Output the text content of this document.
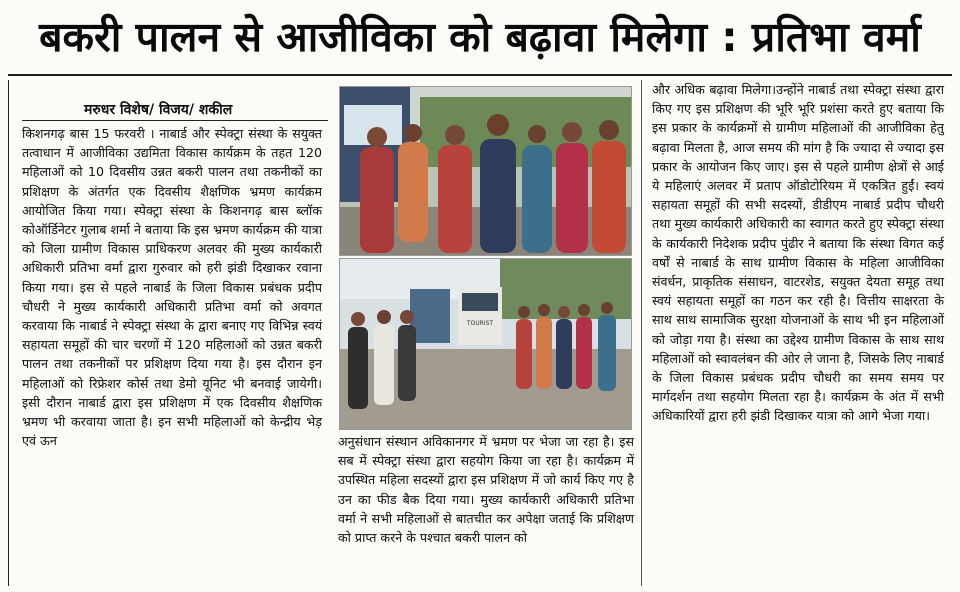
बकरी पालन से आजीविका को बढ़ावा मिलेगा : प्रतिभा वर्मा
मरुधर विशेष/ विजय/ शकील

किशनगढ़ बास 15 फरवरी । नाबार्ड और स्पेक्ट्रा संस्था के सयुक्त तत्वाधान में आजीविका उद्यमिता विकास कार्यक्रम के तहत 120 महिलाओं को 10 दिवसीय उन्नत बकरी पालन तथा तकनीकों का प्रशिक्षण के अंतर्गत एक दिवसीय शैक्षणिक भ्रमण कार्यक्रम आयोजित किया गया। स्पेक्ट्रा संस्था के किशनगढ़ बास ब्लॉक कोऑर्डिनेटर गुलाब शर्मा ने बताया कि इस भ्रमण कार्यक्रम की यात्रा को जिला ग्रामीण विकास प्राधिकरण अलवर की मुख्य कार्यकारी अधिकारी प्रतिभा वर्मा द्वारा गुरुवार को हरी झंडी दिखाकर रवाना किया गया। इस से पहले नाबार्ड के जिला विकास प्रबंधक प्रदीप चौधरी ने मुख्य कार्यकारी अधिकारी प्रतिभा वर्मा को अवगत करवाया कि नाबार्ड ने स्पेक्ट्रा संस्था के द्वारा बनाए गए विभिन्न स्वयं सहायता समूहों की चार चरणों में 120 महिलाओं को उन्नत बकरी पालन तथा तकनीकों पर प्रशिक्षण दिया गया है। इस दौरान इन महिलाओं को रिफ्रेशर कोर्स तथा डेमो यूनिट भी बनवाई जायेगी। इसी दौरान नाबार्ड द्वारा इस प्रशिक्षण में एक दिवसीय शैक्षणिक भ्रमण भी करवाया जाता है। इन सभी महिलाओं को केन्द्रीय भेड़ एवं ऊन

TOURIST

अनुसंधान संस्थान अविकानगर में भ्रमण पर भेजा जा रहा है। इस सब में स्पेक्ट्रा संस्था द्वारा सहयोग किया जा रहा है। कार्यक्रम में उपस्थित महिला सदस्यों द्वारा इस प्रशिक्षण में जो कार्य किए गए है उन का फीड बैक दिया गया। मुख्य कार्यकारी अधिकारी प्रतिभा वर्मा ने सभी महिलाओं से बातचीत कर अपेक्षा जताई कि प्रशिक्षण को प्राप्त करने के पश्चात बकरी पालन को

और अधिक बढ़ावा मिलेगा।उन्होंने नाबार्ड तथा स्पेक्ट्रा संस्था द्वारा किए गए इस प्रशिक्षण की भूरि भूरि प्रशंसा करते हुए बताया कि इस प्रकार के कार्यक्रमों से ग्रामीण महिलाओं की आजीविका हेतु बढ़ावा मिलता है, आज समय की मांग है कि ज्यादा से ज्यादा इस प्रकार के आयोजन किए जाए। इस से पहले ग्रामीण क्षेत्रों से आई ये महिलाएं अलवर में प्रताप ऑडोटोरियम में एकत्रित हुईं। स्वयं सहायता समूहों की सभी सदस्यों, डीडीएम नाबार्ड प्रदीप चौधरी तथा मुख्य कार्यकारी अधिकारी का स्वागत करते हुए स्पेक्ट्रा संस्था के कार्यकारी निदेशक प्रदीप पुंढीर ने बताया कि संस्था विगत कई वर्षों से नाबार्ड के साथ ग्रामीण विकास के महिला आजीविका संवर्धन, प्राकृतिक संसाधन, वाटरशेड, सयुक्त देयता समूह तथा स्वयं सहायता समूहों का गठन कर रही है। वित्तीय साक्षरता के साथ साथ सामाजिक सुरक्षा योजनाओं के साथ भी इन महिलाओं को जोड़ा गया है। संस्था का उद्देश्य ग्रामीण विकास के साथ साथ महिलाओं को स्वावलंबन की ओर ले जाना है, जिसके लिए नाबार्ड के जिला विकास प्रबंधक प्रदीप चौधरी का समय समय पर मार्गदर्शन तथा सहयोग मिलता रहा है। कार्यक्रम के अंत में सभी अधिकारियों द्वारा हरी झंडी दिखाकर यात्रा को आगे भेजा गया।
